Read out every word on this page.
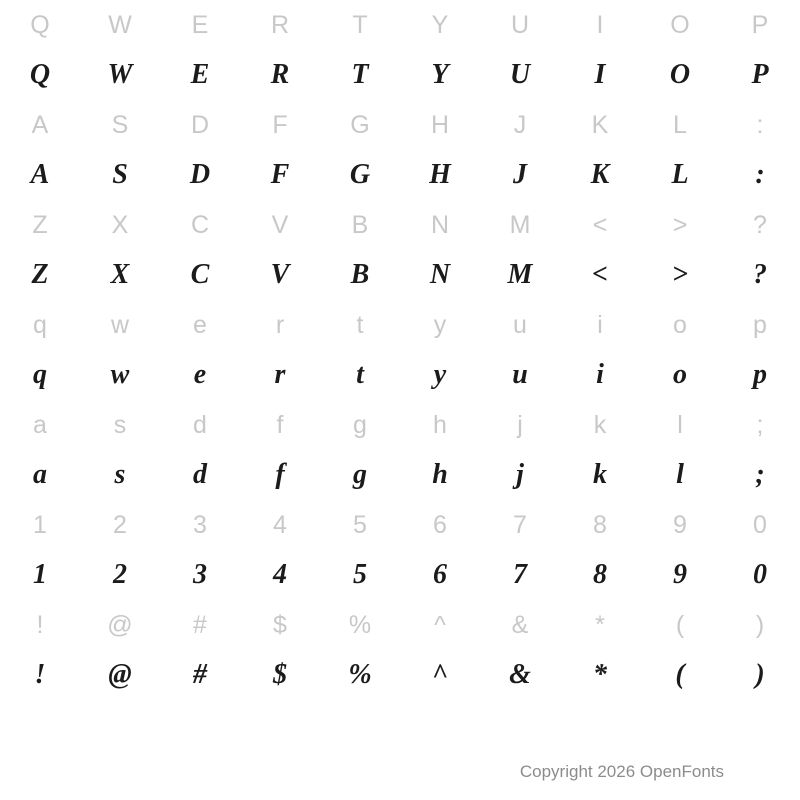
Q	W	E	R	T	Y	U	I	O	P
Q	W	E	R	T	Y	U	I	O	P
A	S	D	F	G	H	J	K	L	:
A	S	D	F	G	H	J	K	L	:
Z	X	C	V	B	N	M	<	>	?
Z	X	C	V	B	N	M	<	>	?
q	w	e	r	t	y	u	i	o	p
q	w	e	r	t	y	u	i	o	p
a	s	d	f	g	h	j	k	l	;
a	s	d	f	g	h	j	k	l	;
1	2	3	4	5	6	7	8	9	0
1	2	3	4	5	6	7	8	9	0
!	@	#	$	%	^	&	*	(	)
!	@	#	$	%	^	&	*	(	)
Copyright 2026 OpenFonts
